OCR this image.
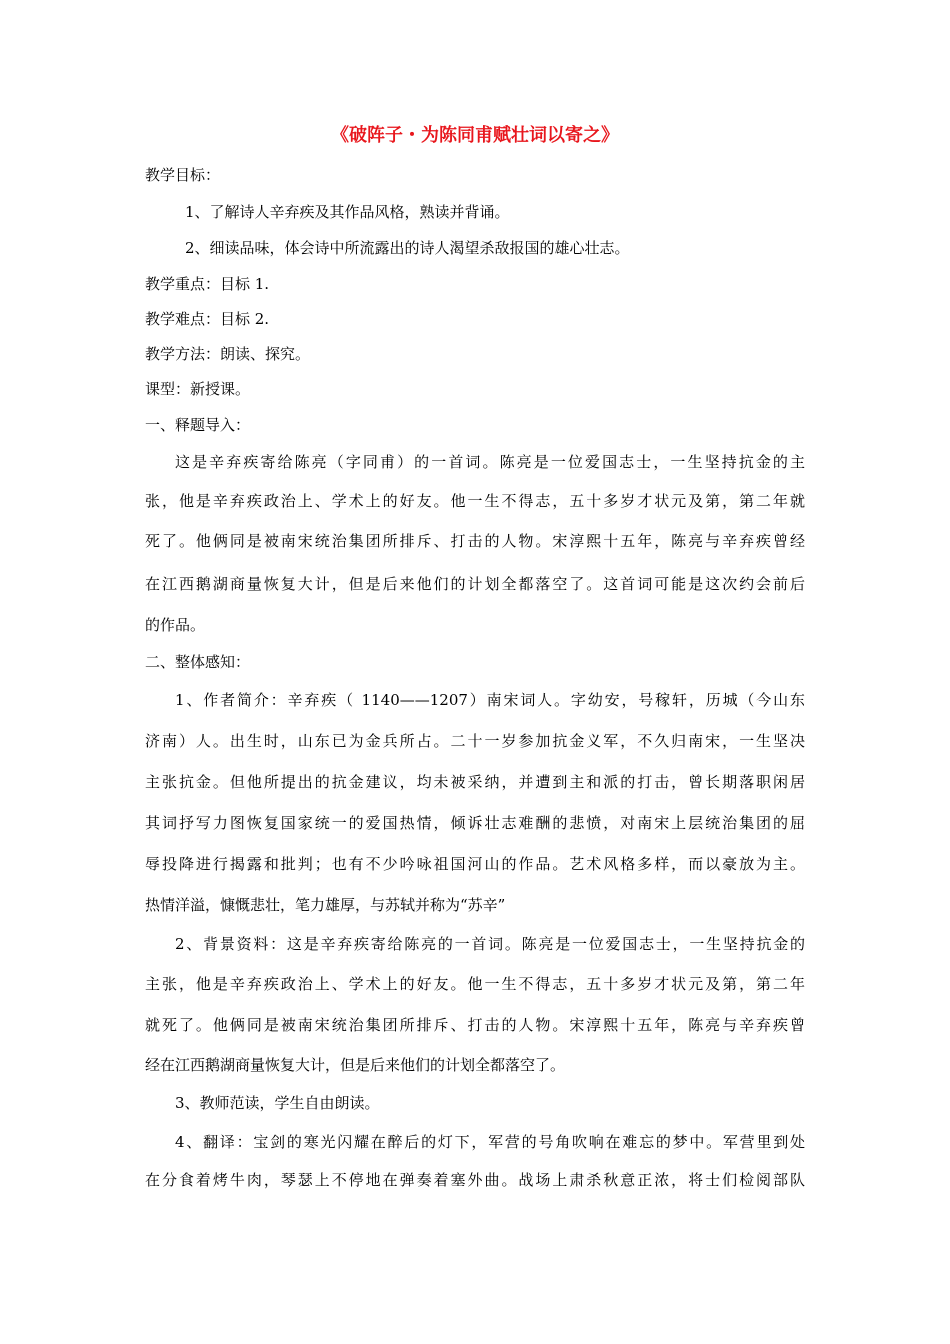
《破阵子・为陈同甫赋壮词以寄之》

教学目标：

1、了解诗人辛弃疾及其作品风格，熟读并背诵。

2、细读品味，体会诗中所流露出的诗人渴望杀敌报国的雄心壮志。

教学重点：目标 1.

教学难点：目标 2.

教学方法：朗读、探究。

课型：新授课。

一、释题导入：

这是辛弃疾寄给陈亮（字同甫）的一首词。陈亮是一位爱国志士，一生坚持抗金的主

张，他是辛弃疾政治上、学术上的好友。他一生不得志，五十多岁才状元及第，第二年就

死了。他俩同是被南宋统治集团所排斥、打击的人物。宋淳熙十五年，陈亮与辛弃疾曾经

在江西鹅湖商量恢复大计，但是后来他们的计划全都落空了。这首词可能是这次约会前后

的作品。

二、整体感知：

1、作者简介：辛弃疾（ 1140——1207）南宋词人。字幼安，号稼轩，历城（今山东

济南）人。出生时，山东已为金兵所占。二十一岁参加抗金义军，不久归南宋，一生坚决

主张抗金。但他所提出的抗金建议，均未被采纳，并遭到主和派的打击，曾长期落职闲居

其词抒写力图恢复国家统一的爱国热情，倾诉壮志难酬的悲愤，对南宋上层统治集团的屈

辱投降进行揭露和批判；也有不少吟咏祖国河山的作品。艺术风格多样，而以豪放为主。

热情洋溢，慷慨悲壮，笔力雄厚，与苏轼并称为“苏辛”

2、背景资料：这是辛弃疾寄给陈亮的一首词。陈亮是一位爱国志士，一生坚持抗金的

主张，他是辛弃疾政治上、学术上的好友。他一生不得志，五十多岁才状元及第，第二年

就死了。他俩同是被南宋统治集团所排斥、打击的人物。宋淳熙十五年，陈亮与辛弃疾曾

经在江西鹅湖商量恢复大计，但是后来他们的计划全都落空了。

3、教师范读，学生自由朗读。

4、翻译：宝剑的寒光闪耀在醉后的灯下，军营的号角吹响在难忘的梦中。军营里到处

在分食着烤牛肉，琴瑟上不停地在弹奏着塞外曲。战场上肃杀秋意正浓，将士们检阅部队
